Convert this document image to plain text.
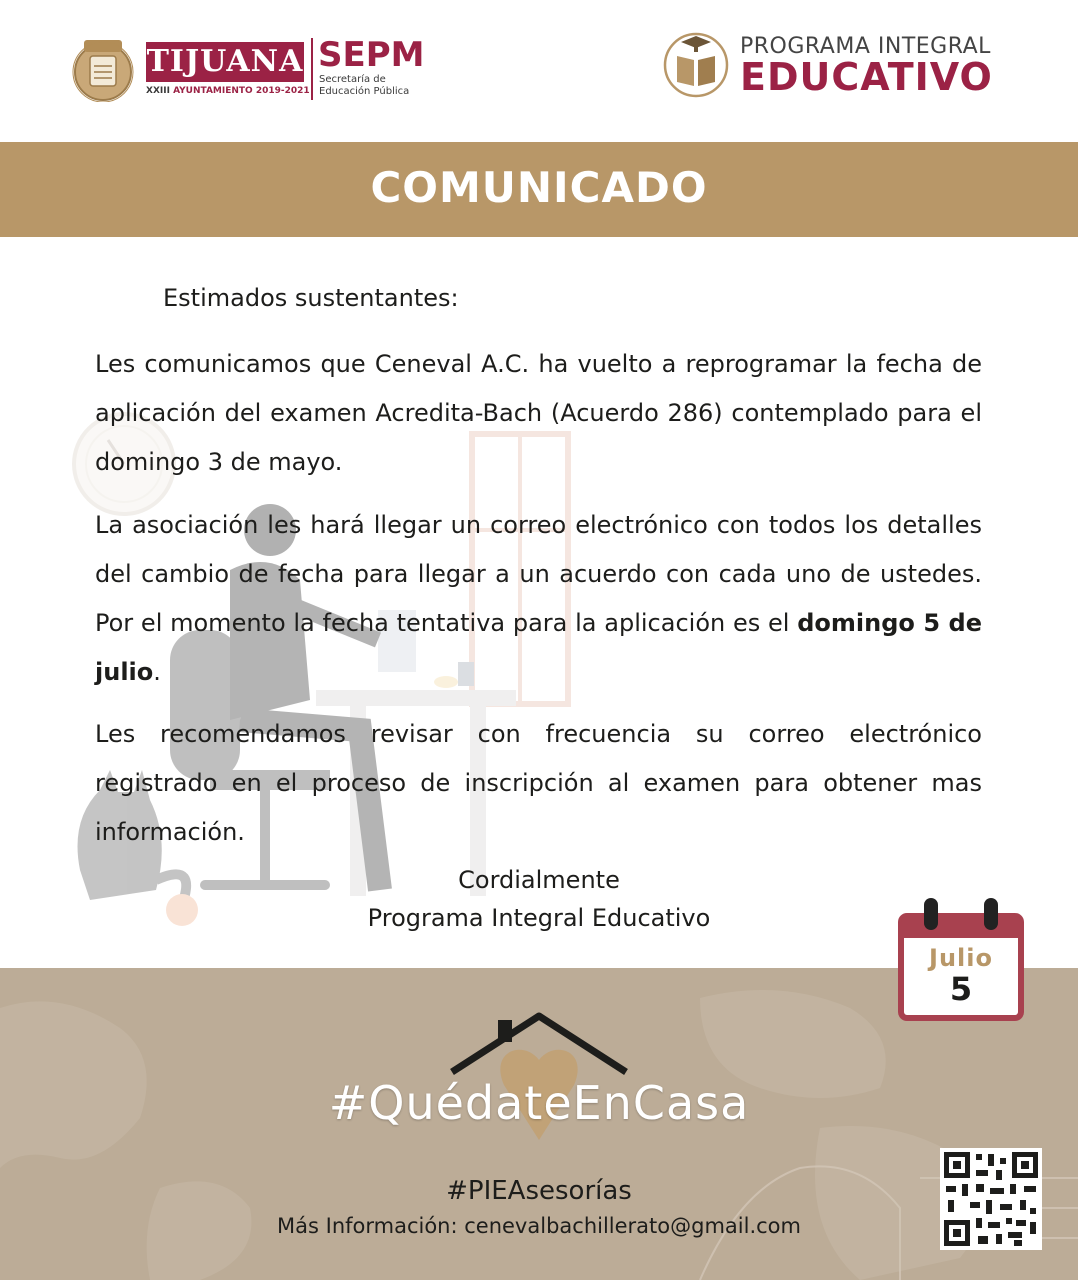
TIJUANA
XXIII AYUNTAMIENTO 2019-2021
SEPM
Secretaría de
Educación Pública
PROGRAMA INTEGRAL
EDUCATIVO
COMUNICADO
Estimados sustentantes:
Les comunicamos que Ceneval A.C. ha vuelto a reprogramar la fecha de aplicación del examen Acredita-Bach (Acuerdo 286) contemplado para el domingo 3 de mayo.
La asociación les hará llegar un correo electrónico con todos los detalles del cambio de fecha para llegar a un acuerdo con cada uno de ustedes. Por el momento la fecha tentativa para la aplicación es el domingo 5 de julio.
Les recomendamos revisar con frecuencia su correo electrónico registrado en el proceso de inscripción al examen para obtener mas información.
Cordialmente
Programa Integral Educativo
#QuédateEnCasa
#PIEAsesorías
Más Información: cenevalbachillerato@gmail.com
Julio
5
